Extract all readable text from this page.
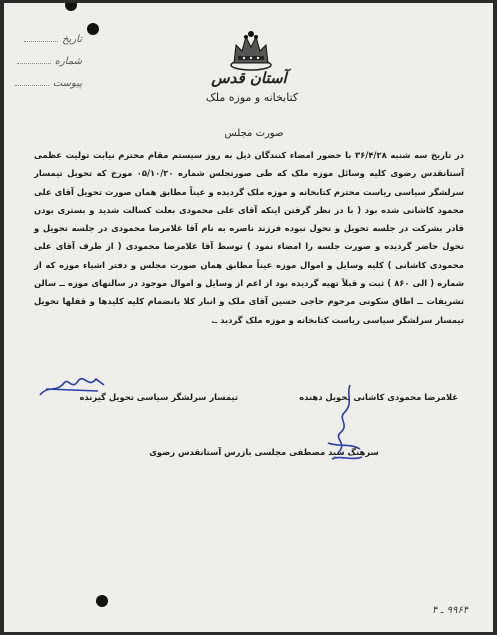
تاریخ
شماره
پیوست	آستان قدس
کتابخانه و موزه ملک
صورت مجلس
در تاریخ سه شنبه ۳۶/۴/۲۸ با حضور امضاء کنندگان ذیل به روز سیستم مقام محترم نیابت تولیت عظمی آستانقدس رضوی کلیه وسائل موزه ملک که طی صورتجلس شماره ۰۵/۱۰/۲۰ مورخ که تحویل تیمسار سرلشگر سیاسی ریاست محترم کتابخانه و موزه ملک گردیده و عیناً مطابق همان صورت تحویل آقای علی محمود کاشانی شده بود ( با در نظر گرفتن اینکه آقای علی محمودی بعلت کسالت شدید و بستری بودن قادر بشرکت در جلسه تحویل و تحول نبوده فرزند ناصره به نام آقا غلامرضا محمودی در جلسه تحویل و تحول حاضر گردیده و صورت جلسه را امضاء نمود ) توسط آقا غلامرضا محمودی ( از طرف آقای علی محمودی کاشانی ) کلیه وسایل و اموال موزه عیناً مطابق همان صورت مجلس و دفتر اشیاء موزه که از شماره ( الی ۸۶۰ ) ثبت و قبلاً تهیه گردیده بود از اعم از وسایل و اموال موجود در سالنهای موزه ــ سالن تشریفات ــ اطاق سکونی مرحوم حاجی حسین آقای ملک و انبار کلا بانضمام کلیه کلیدها و قفلها تحویل تیمسار سرلشگر سیاسی ریاست کتابخانه و موزه ملک گردید ـ.
تیمسار سرلشگر سیاسی تحویل گیرنده	غلامرضا محمودی کاشانی تحویل دهنده
سرهنگ سید مصطفی مجلسی بازرس آستانقدس رضوی
۹۹۶۴ ـ ۴
